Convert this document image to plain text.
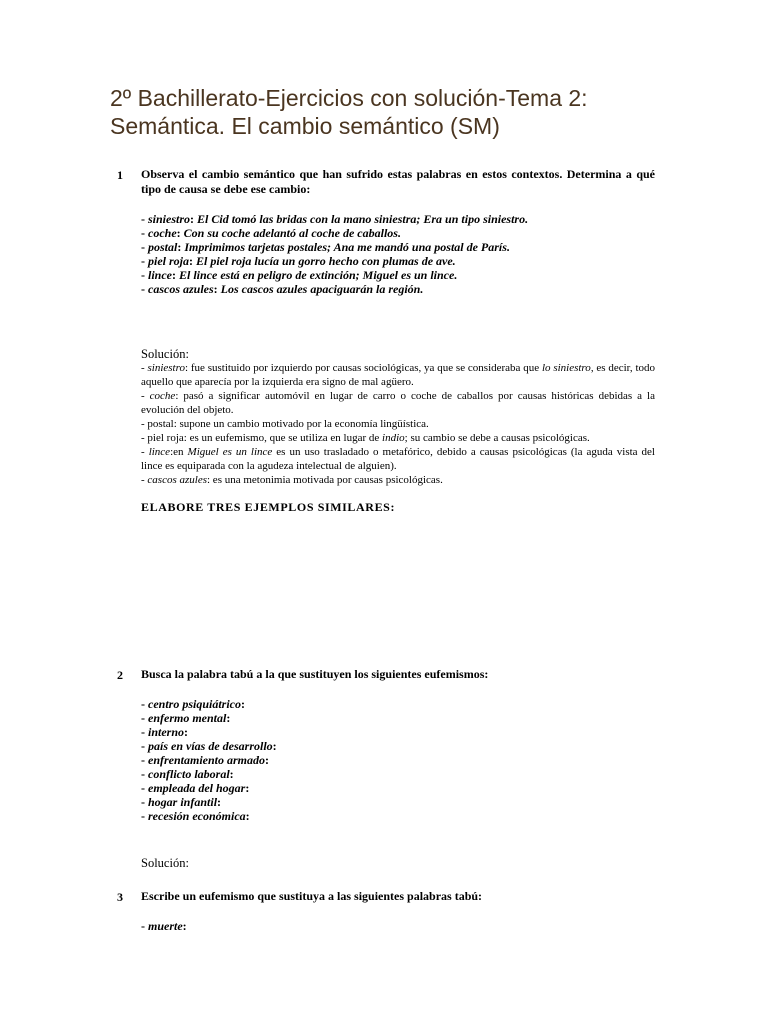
2º Bachillerato-Ejercicios con solución-Tema 2:
Semántica. El cambio semántico (SM)
1 Observa el cambio semántico que han sufrido estas palabras en estos contextos. Determina a qué tipo de causa se debe ese cambio:
- siniestro: El Cid tomó las bridas con la mano siniestra; Era un tipo siniestro.
- coche: Con su coche adelantó al coche de caballos.
- postal: Imprimimos tarjetas postales; Ana me mandó una postal de París.
- piel roja: El piel roja lucía un gorro hecho con plumas de ave.
- lince: El lince está en peligro de extinción; Miguel es un lince.
- cascos azules: Los cascos azules apaciguarán la región.
Solución:
- siniestro: fue sustituido por izquierdo por causas sociológicas, ya que se consideraba que lo siniestro, es decir, todo aquello que aparecía por la izquierda era signo de mal agüero.
- coche: pasó a significar automóvil en lugar de carro o coche de caballos por causas históricas debidas a la evolución del objeto.
- postal: supone un cambio motivado por la economía lingüística.
- piel roja: es un eufemismo, que se utiliza en lugar de indio; su cambio se debe a causas psicológicas.
- lince:en Miguel es un lince es un uso trasladado o metafórico, debido a causas psicológicas (la aguda vista del lince es equiparada con la agudeza intelectual de alguien).
- cascos azules: es una metonimia motivada por causas psicológicas.
ELABORE TRES EJEMPLOS SIMILARES:
2 Busca la palabra tabú a la que sustituyen los siguientes eufemismos:
- centro psiquiátrico:
- enfermo mental:
- interno:
- país en vías de desarrollo:
- enfrentamiento armado:
- conflicto laboral:
- empleada del hogar:
- hogar infantil:
- recesión económica:
Solución:
3 Escribe un eufemismo que sustituya a las siguientes palabras tabú:
- muerte:
